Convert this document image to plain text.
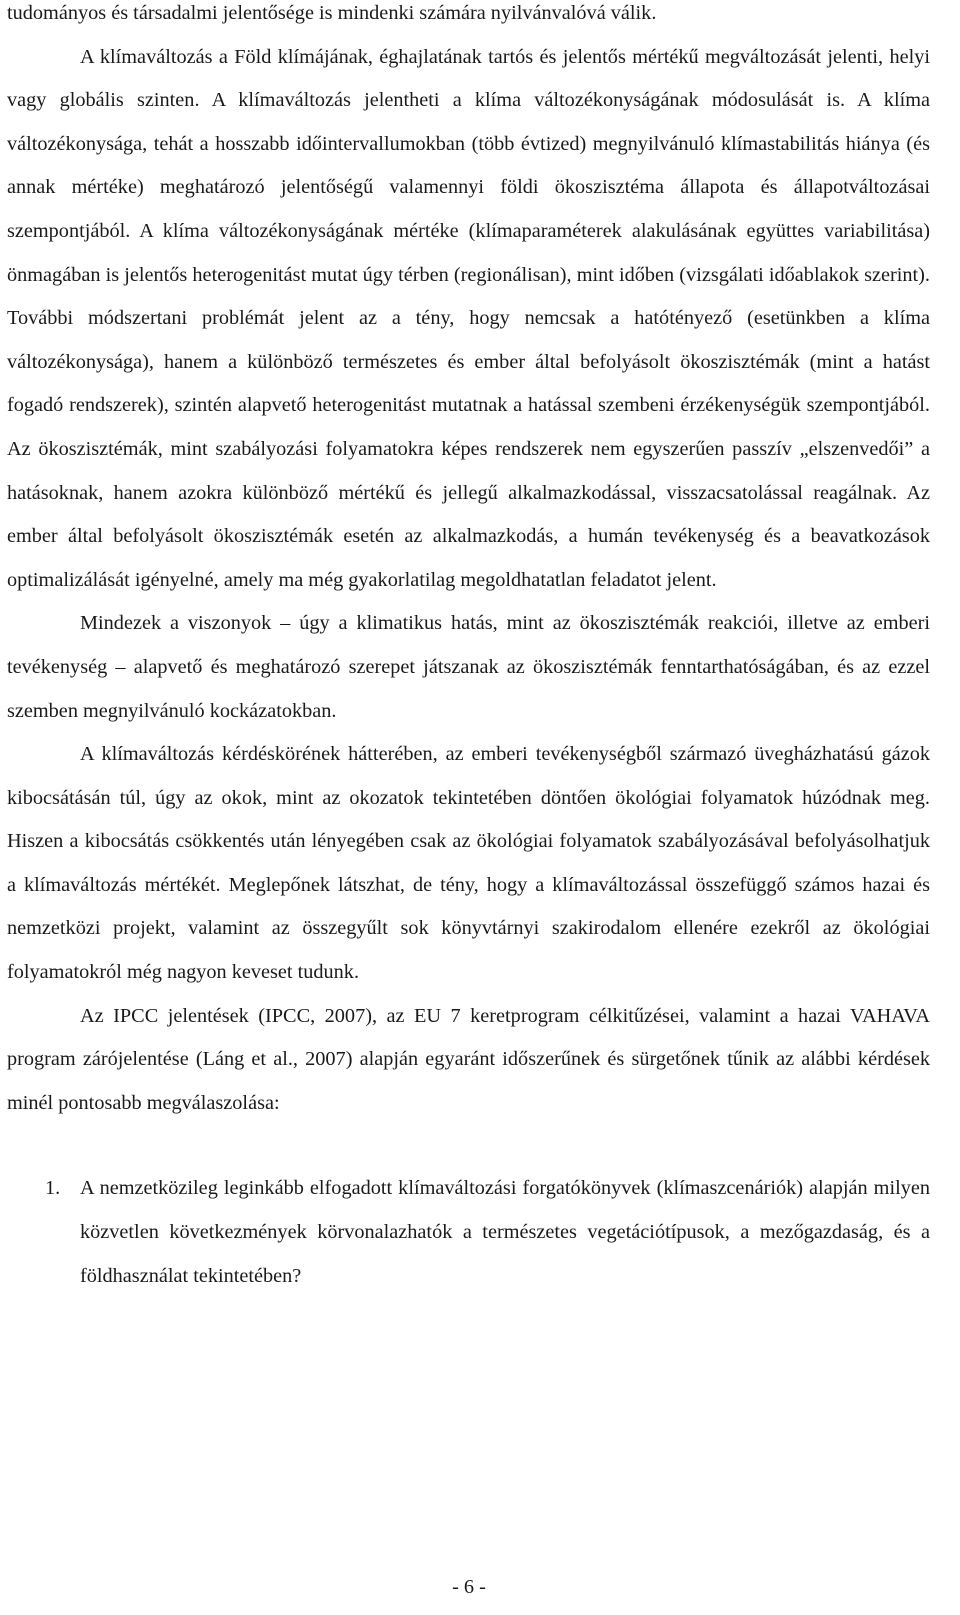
tudományos és társadalmi jelentősége is mindenki számára nyilvánvalóvá válik.

A klímaváltozás a Föld klímájának, éghajlatának tartós és jelentős mértékű megváltozását jelenti, helyi vagy globális szinten. A klímaváltozás jelentheti a klíma változékonyságának módosulását is. A klíma változékonysága, tehát a hosszabb időintervallumokban (több évtized) megnyilvánuló klímastabilitás hiánya (és annak mértéke) meghatározó jelentőségű valamennyi földi ökoszisztéma állapota és állapotváltozásai szempontjából. A klíma változékonyságának mértéke (klímaparaméterek alakulásának együttes variabilitása) önmagában is jelentős heterogenitást mutat úgy térben (regionálisan), mint időben (vizsgálati időablakok szerint). További módszertani problémát jelent az a tény, hogy nemcsak a hatótényező (esetünkben a klíma változékonysága), hanem a különböző természetes és ember által befolyásolt ökoszisztémák (mint a hatást fogadó rendszerek), szintén alapvető heterogenitást mutatnak a hatással szembeni érzékenységük szempontjából. Az ökoszisztémák, mint szabályozási folyamatokra képes rendszerek nem egyszerűen passzív „elszenvedői” a hatásoknak, hanem azokra különböző mértékű és jellegű alkalmazkodással, visszacsatolással reagálnak. Az ember által befolyásolt ökoszisztémák esetén az alkalmazkodás, a humán tevékenység és a beavatkozások optimalizálását igényelné, amely ma még gyakorlatilag megoldhatatlan feladatot jelent.

Mindezek a viszonyok – úgy a klimatikus hatás, mint az ökoszisztémák reakciói, illetve az emberi tevékenység – alapvető és meghatározó szerepet játszanak az ökoszisztémák fenntarthatóságában, és az ezzel szemben megnyilvánuló kockázatokban.

A klímaváltozás kérdéskörének hátterében, az emberi tevékenységből származó üvegházhatású gázok kibocsátásán túl, úgy az okok, mint az okozatok tekintetében döntően ökológiai folyamatok húzódnak meg. Hiszen a kibocsátás csökkentés után lényegében csak az ökológiai folyamatok szabályozásával befolyásolhatjuk a klímaváltozás mértékét. Meglepőnek látszhat, de tény, hogy a klímaváltozással összefüggő számos hazai és nemzetközi projekt, valamint az összegyűlt sok könyvtárnyi szakirodalom ellenére ezekről az ökológiai folyamatokról még nagyon keveset tudunk.

Az IPCC jelentések (IPCC, 2007), az EU 7 keretprogram célkitűzései, valamint a hazai VAHAVA program zárójelentése (Láng et al., 2007) alapján egyaránt időszerűnek és sürgetőnek tűnik az alábbi kérdések minél pontosabb megválaszolása:

1. A nemzetközileg leginkább elfogadott klímaváltozási forgatókönyvek (klímaszcenáriók) alapján milyen közvetlen következmények körvonalazhatók a természetes vegetációtípusok, a mezőgazdaság, és a földhasználat tekintetében?
- 6 -
